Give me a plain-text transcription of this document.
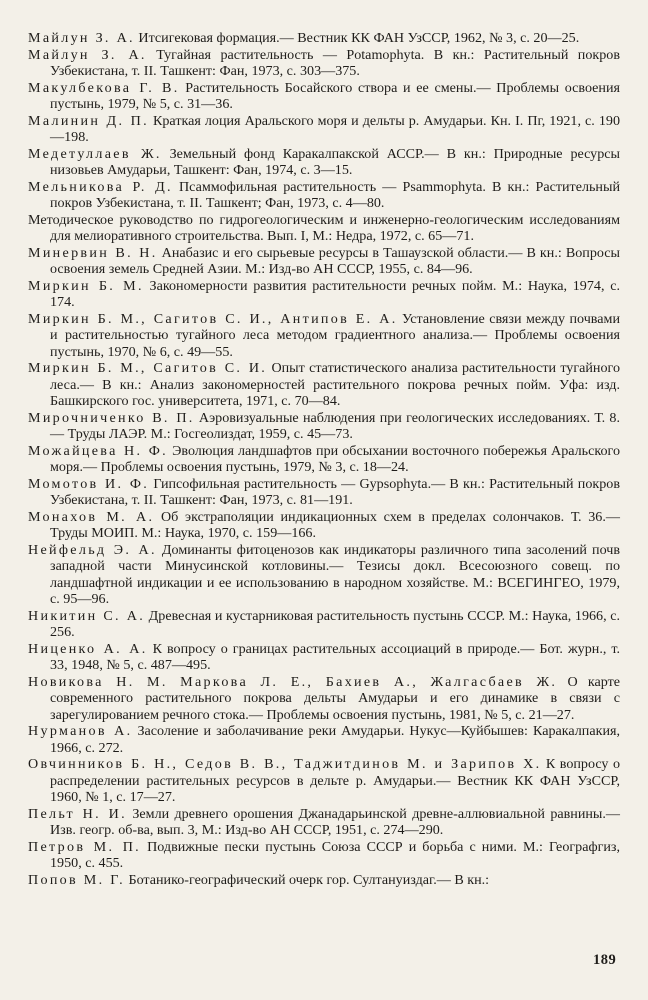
Майлун З. А. Итсигековая формация.— Вестник КК ФАН УзССР, 1962, № 3, с. 20—25.

Майлун З. А. Тугайная растительность — Potamophyta. В кн.: Растительный покров Узбекистана, т. II. Ташкент: Фан, 1973, с. 303—375.

Макулбекова Г. В. Растительность Босайского створа и ее смены.— Проблемы освоения пустынь, 1979, № 5, с. 31—36.

Малинин Д. П. Краткая лоция Аральского моря и дельты р. Амударьи. Кн. I. Пг, 1921, с. 190—198.

Медетуллаев Ж. Земельный фонд Каракалпакской АССР.— В кн.: Природные ресурсы низовьев Амударьи, Ташкент: Фан, 1974, с. 3—15.

Мельникова Р. Д. Псаммофильная растительность — Psammophyta. В кн.: Растительный покров Узбекистана, т. II. Ташкент; Фан, 1973, с. 4—80.

Методическое руководство по гидрогеологическим и инженерно-геологическим исследованиям для мелиоративного строительства. Вып. I, М.: Недра, 1972, с. 65—71.

Минервин В. Н. Анабазис и его сырьевые ресурсы в Ташаузской области.— В кн.: Вопросы освоения земель Средней Азии. М.: Изд-во АН СССР, 1955, с. 84—96.

Миркин Б. М. Закономерности развития растительности речных пойм. М.: Наука, 1974, с. 174.

Миркин Б. М., Сагитов С. И., Антипов Е. А. Установление связи между почвами и растительностью тугайного леса методом градиентного анализа.— Проблемы освоения пустынь, 1970, № 6, с. 49—55.

Миркин Б. М., Сагитов С. И. Опыт статистического анализа растительности тугайного леса.— В кн.: Анализ закономерностей растительного покрова речных пойм. Уфа: изд. Башкирского гос. университета, 1971, с. 70—84.

Мирочниченко В. П. Аэровизуальные наблюдения при геологических исследованиях. Т. 8.— Труды ЛАЭР. М.: Госгеолиздат, 1959, с. 45—73.

Можайцева Н. Ф. Эволюция ландшафтов при обсыхании восточного побережья Аральского моря.— Проблемы освоения пустынь, 1979, № 3, с. 18—24.

Момотов И. Ф. Гипсофильная растительность — Gypsophyta.— В кн.: Растительный покров Узбекистана, т. II. Ташкент: Фан, 1973, с. 81—191.

Монахов М. А. Об экстраполяции индикационных схем в пределах солончаков. Т. 36.— Труды МОИП. М.: Наука, 1970, с. 159—166.

Нейфельд Э. А. Доминанты фитоценозов как индикаторы различного типа засолений почв западной части Минусинской котловины.— Тезисы докл. Всесоюзного совещ. по ландшафтной индикации и ее использованию в народном хозяйстве. М.: ВСЕГИНГЕО, 1979, с. 95—96.

Никитин С. А. Древесная и кустарниковая растительность пустынь СССР. М.: Наука, 1966, с. 256.

Ниценко А. А. К вопросу о границах растительных ассоциаций в природе.— Бот. журн., т. 33, 1948, № 5, с. 487—495.

Новикова Н. М. Маркова Л. Е., Бахиев А., Жалгасбаев Ж. О карте современного растительного покрова дельты Амударьи и его динамике в связи с зарегулированием речного стока.— Проблемы освоения пустынь, 1981, № 5, с. 21—27.

Нурманов А. Засоление и заболачивание реки Амударьи. Нукус—Куйбышев: Каракалпакия, 1966, с. 272.

Овчинников Б. Н., Седов В. В., Таджитдинов М. и Зарипов Х. К вопросу о распределении растительных ресурсов в дельте р. Амударьи.— Вестник КК ФАН УзССР, 1960, № 1, с. 17—27.

Пельт Н. И. Земли древнего орошения Джанадарьинской древне-аллювиальной равнины.— Изв. геогр. об-ва, вып. 3, М.: Изд-во АН СССР, 1951, с. 274—290.

Петров М. П. Подвижные пески пустынь Союза СССР и борьба с ними. М.: Географгиз, 1950, с. 455.

Попов М. Г. Ботанико-географический очерк гор. Султануиздаг.— В кн.:

189
